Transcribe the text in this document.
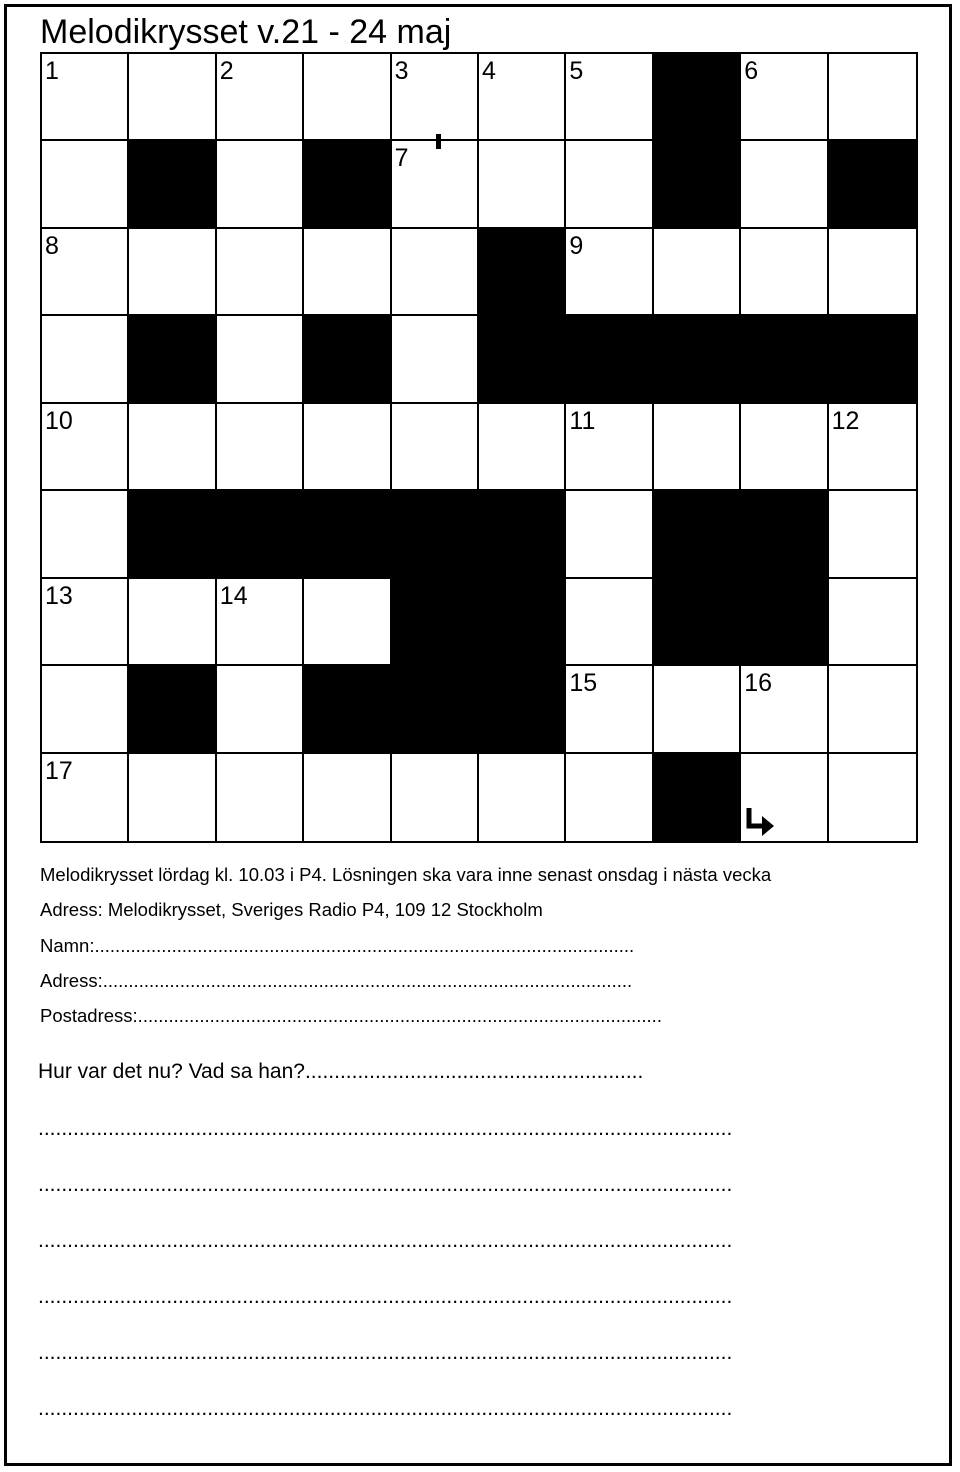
Melodikrysset v.21 - 24 maj
1	2	3	4	5	6
7
8	9
10	11	12
13	14
15	16
17
Melodikrysset lördag kl. 10.03 i P4. Lösningen ska vara inne senast onsdag i nästa vecka
Adress: Melodikrysset, Sveriges Radio P4, 109 12 Stockholm
Namn:.........................................................................................................
Adress:.......................................................................................................
Postadress:......................................................................................................
Hur var det nu? Vad sa han?..........................................................
.......................................................................................................................
.......................................................................................................................
.......................................................................................................................
.......................................................................................................................
.......................................................................................................................
.......................................................................................................................
